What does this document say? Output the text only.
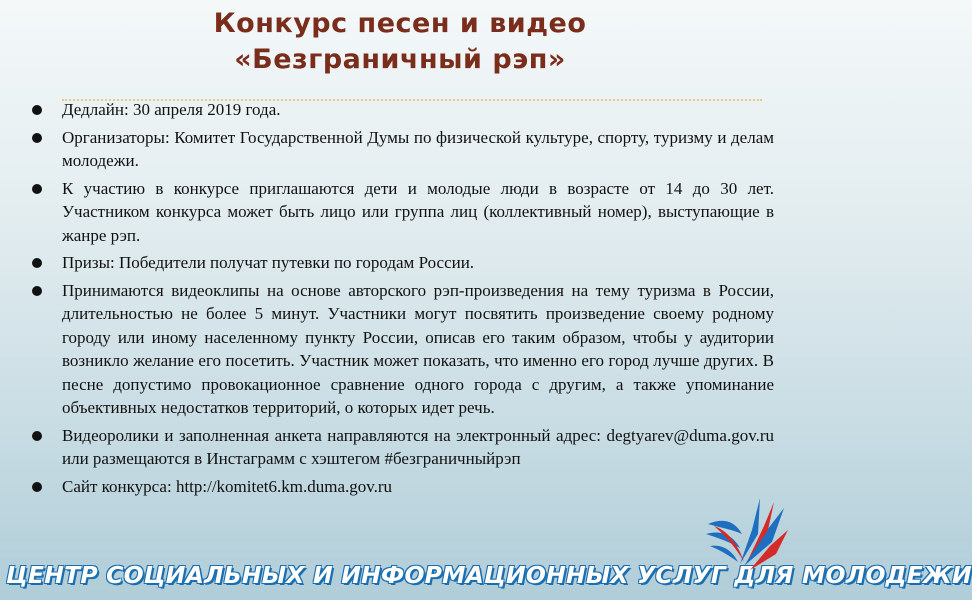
Конкурс песен и видео
«Безграничный рэп»
Дедлайн: 30 апреля 2019 года.
Организаторы: Комитет Государственной Думы по физической культуре, спорту, туризму и делам молодежи.
К участию в конкурсе приглашаются дети и молодые люди в возрасте от 14 до 30 лет. Участником конкурса может быть лицо или группа лиц (коллективный номер), выступающие в жанре рэп.
Призы: Победители получат путевки по городам России.
Принимаются видеоклипы на основе авторского рэп-произведения на тему туризма в России, длительностью не более 5 минут. Участники могут посвятить произведение своему родному городу или иному населенному пункту России, описав его таким образом, чтобы у аудитории возникло желание его посетить. Участник может показать, что именно его город лучше других. В песне допустимо провокационное сравнение одного города с другим, а также упоминание объективных недостатков территорий, о которых идет речь.
Видеоролики и заполненная анкета направляются на электронный адрес: degtyarev@duma.gov.ru или размещаются в Инстаграмм с хэштегом #безграничныйрэп
Сайт конкурса: http://komitet6.km.duma.gov.ru
ЦЕНТР СОЦИАЛЬНЫХ И ИНФОРМАЦИОННЫХ УСЛУГ ДЛЯ МОЛОДЕЖИ
